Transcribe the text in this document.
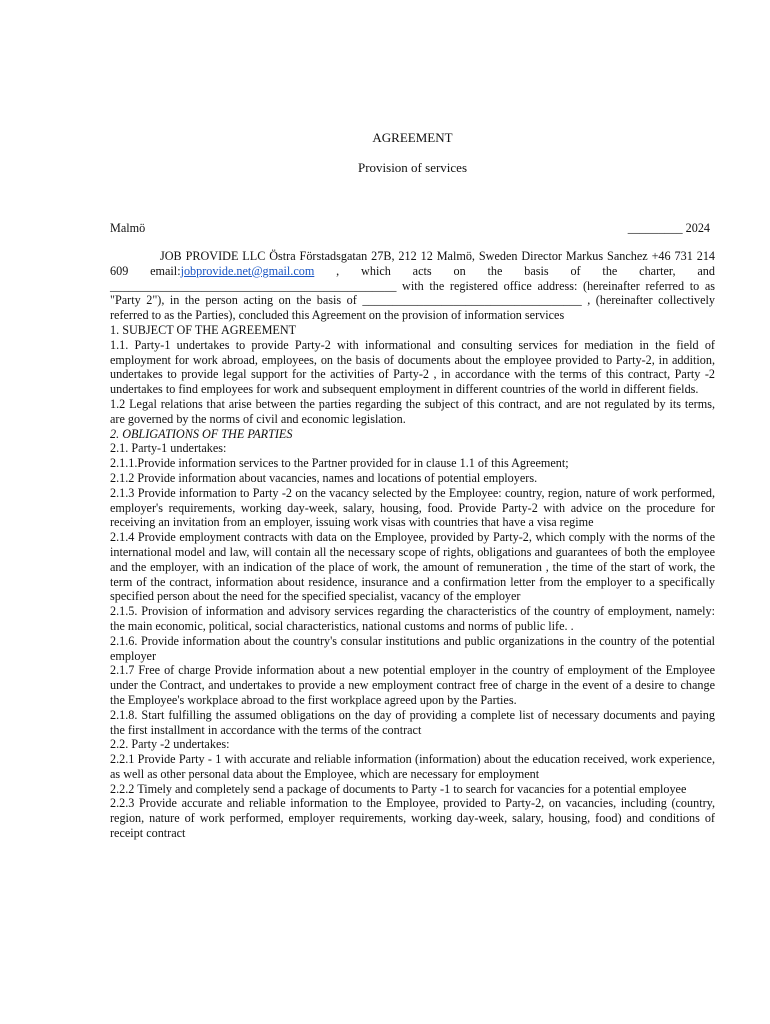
AGREEMENT
Provision of services
Malmö	_________ 2024

JOB PROVIDE LLC Östra Förstadsgatan 27B, 212 12 Malmö, Sweden Director Markus Sanchez +46 731 214 609 email:jobprovide.net@gmail.com , which acts on the basis of the charter, and _______________________________________________ with the registered office address: (hereinafter referred to as "Party 2"), in the person acting on the basis of ____________________________________ , (hereinafter collectively referred to as the Parties), concluded this Agreement on the provision of information services

1. SUBJECT OF THE AGREEMENT

1.1. Party-1 undertakes to provide Party-2 with informational and consulting services for mediation in the field of employment for work abroad, employees, on the basis of documents about the employee provided to Party-2, in addition, undertakes to provide legal support for the activities of Party-2 , in accordance with the terms of this contract, Party -2 undertakes to find employees for work and subsequent employment in different countries of the world in different fields.

1.2 Legal relations that arise between the parties regarding the subject of this contract, and are not regulated by its terms, are governed by the norms of civil and economic legislation.

2. OBLIGATIONS OF THE PARTIES

2.1. Party-1 undertakes:

2.1.1.Provide information services to the Partner provided for in clause 1.1 of this Agreement;

2.1.2 Provide information about vacancies, names and locations of potential employers.

2.1.3 Provide information to Party -2 on the vacancy selected by the Employee: country, region, nature of work performed, employer's requirements, working day-week, salary, housing, food. Provide Party-2 with advice on the procedure for receiving an invitation from an employer, issuing work visas with countries that have a visa regime

2.1.4 Provide employment contracts with data on the Employee, provided by Party-2, which comply with the norms of the international model and law, will contain all the necessary scope of rights, obligations and guarantees of both the employee and the employer, with an indication of the place of work, the amount of remuneration , the time of the start of work, the term of the contract, information about residence, insurance and a confirmation letter from the employer to a specifically specified person about the need for the specified specialist, vacancy of the employer

2.1.5. Provision of information and advisory services regarding the characteristics of the country of employment, namely: the main economic, political, social characteristics, national customs and norms of public life. .

2.1.6. Provide information about the country's consular institutions and public organizations in the country of the potential employer

2.1.7 Free of charge Provide information about a new potential employer in the country of employment of the Employee under the Contract, and undertakes to provide a new employment contract free of charge in the event of a desire to change the Employee's workplace abroad to the first workplace agreed upon by the Parties.

2.1.8. Start fulfilling the assumed obligations on the day of providing a complete list of necessary documents and paying the first installment in accordance with the terms of the contract

2.2. Party -2 undertakes:

2.2.1 Provide Party - 1 with accurate and reliable information (information) about the education received, work experience, as well as other personal data about the Employee, which are necessary for employment

2.2.2 Timely and completely send a package of documents to Party -1 to search for vacancies for a potential employee

2.2.3 Provide accurate and reliable information to the Employee, provided to Party-2, on vacancies, including (country, region, nature of work performed, employer requirements, working day-week, salary, housing, food) and conditions of receipt contract
